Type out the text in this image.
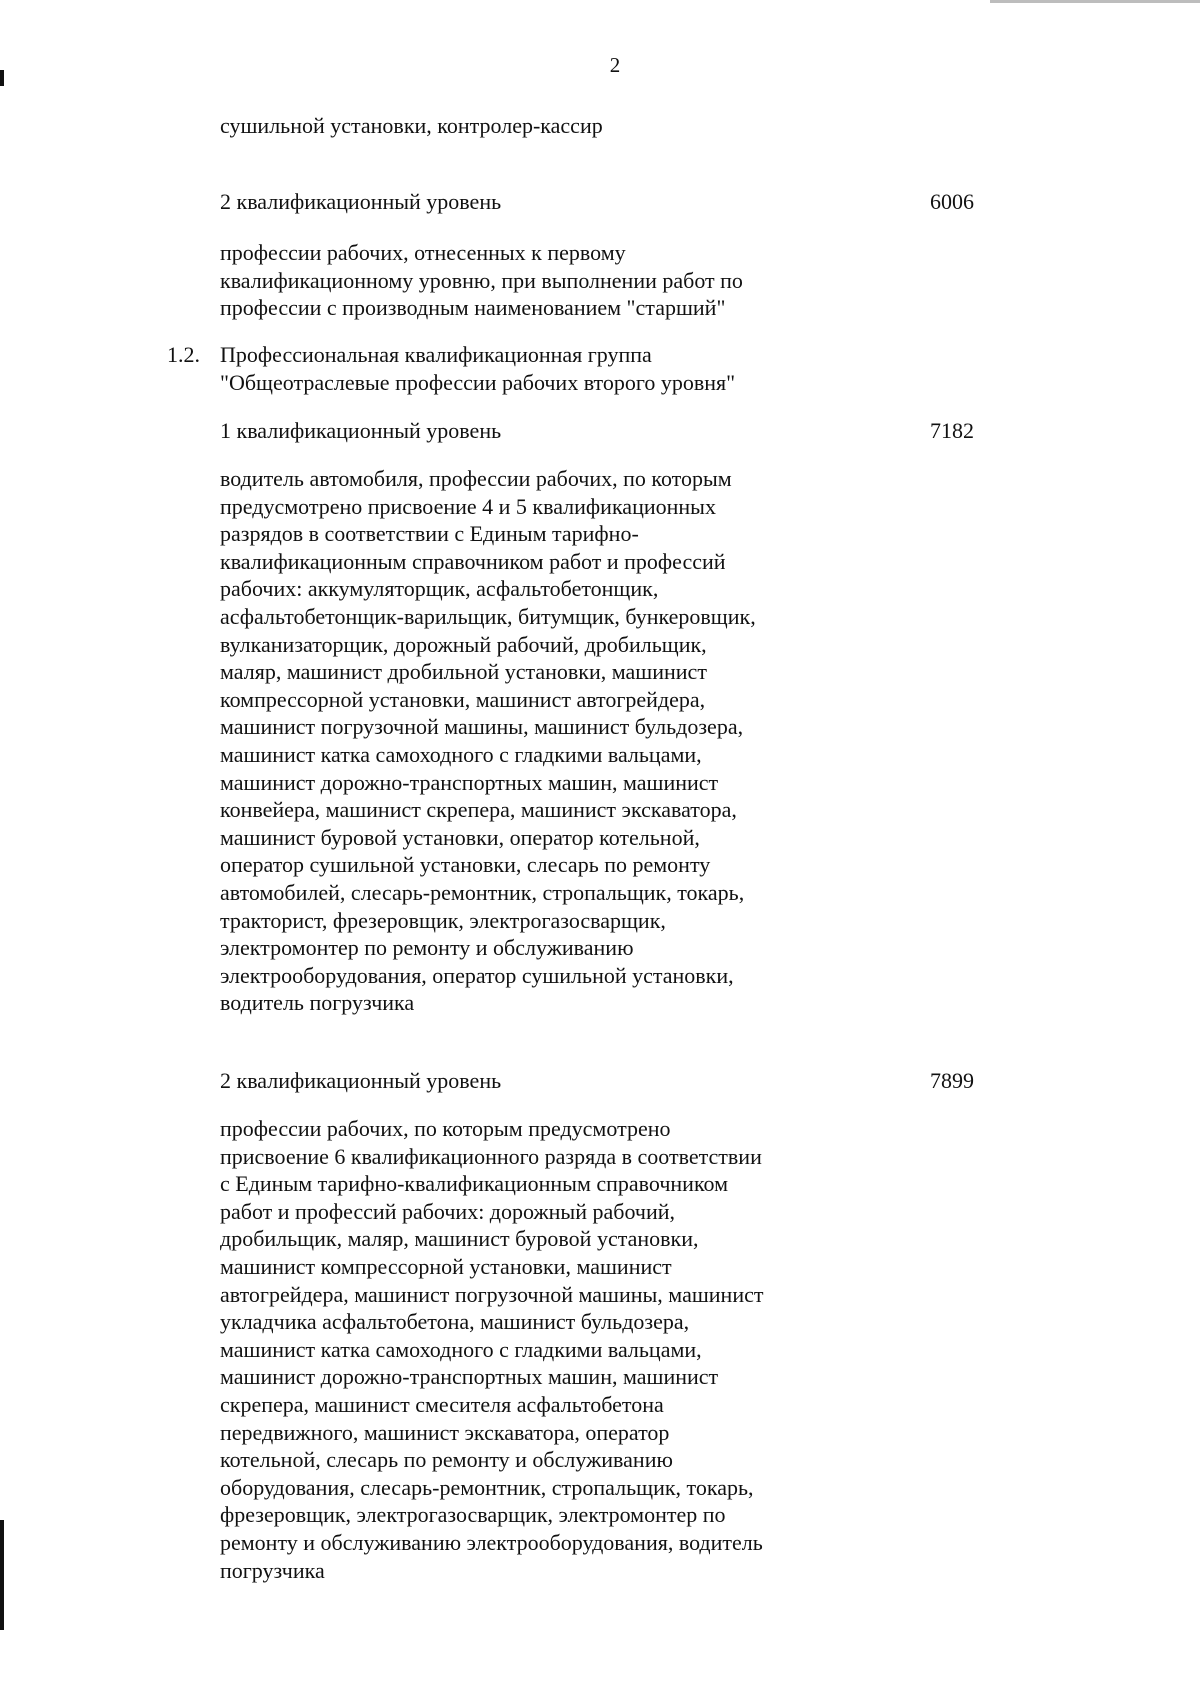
2
сушильной установки, контролер-кассир
2 квалификационный уровень	6006
профессии рабочих, отнесенных к первому
квалификационному уровню, при выполнении работ по
профессии с производным наименованием "старший"
1.2. Профессиональная квалификационная группа
"Общеотраслевые профессии рабочих второго уровня"
1 квалификационный уровень	7182
водитель автомобиля, профессии рабочих, по которым
предусмотрено присвоение 4 и 5 квалификационных
разрядов в соответствии с Единым тарифно-
квалификационным справочником работ и профессий
рабочих: аккумуляторщик, асфальтобетонщик,
асфальтобетонщик-варильщик, битумщик, бункеровщик,
вулканизаторщик, дорожный рабочий, дробильщик,
маляр, машинист дробильной установки, машинист
компрессорной установки, машинист автогрейдера,
машинист погрузочной машины, машинист бульдозера,
машинист катка самоходного с гладкими вальцами,
машинист дорожно-транспортных машин, машинист
конвейера, машинист скрепера, машинист экскаватора,
машинист буровой установки, оператор котельной,
оператор сушильной установки, слесарь по ремонту
автомобилей, слесарь-ремонтник, стропальщик, токарь,
тракторист, фрезеровщик, электрогазосварщик,
электромонтер по ремонту и обслуживанию
электрооборудования, оператор сушильной установки,
водитель погрузчика
2 квалификационный уровень	7899
профессии рабочих, по которым предусмотрено
присвоение 6 квалификационного разряда в соответствии
с Единым тарифно-квалификационным справочником
работ и профессий рабочих: дорожный рабочий,
дробильщик, маляр, машинист буровой установки,
машинист компрессорной установки, машинист
автогрейдера, машинист погрузочной машины, машинист
укладчика асфальтобетона, машинист бульдозера,
машинист катка самоходного с гладкими вальцами,
машинист дорожно-транспортных машин, машинист
скрепера, машинист смесителя асфальтобетона
передвижного, машинист экскаватора, оператор
котельной, слесарь по ремонту и обслуживанию
оборудования, слесарь-ремонтник, стропальщик, токарь,
фрезеровщик, электрогазосварщик, электромонтер по
ремонту и обслуживанию электрооборудования, водитель
погрузчика
